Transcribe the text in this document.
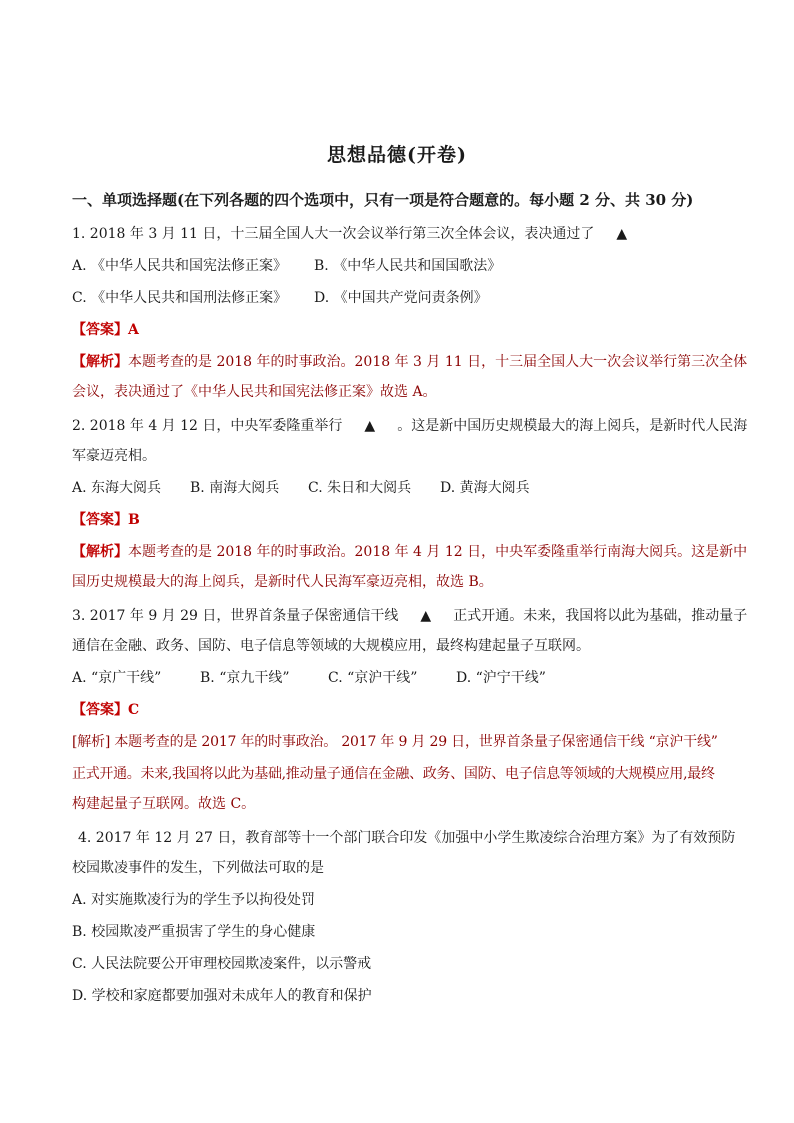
思想品德(开卷)
一、单项选择题(在下列各题的四个选项中，只有一项是符合题意的。每小题 2 分、共 30 分)
1. 2018 年 3 月 11 日，十三届全国人大一次会议举行第三次全体会议，表决通过了 ▲
A. 《中华人民共和国宪法修正案》 B. 《中华人民共和国国歌法》
C. 《中华人民共和国刑法修正案》 D. 《中国共产党问责条例》
【答案】A
【解析】本题考查的是 2018 年的时事政治。2018 年 3 月 11 日，十三届全国人大一次会议举行第三次全体
会议，表决通过了《中华人民共和国宪法修正案》故选 A。
2. 2018 年 4 月 12 日，中央军委隆重举行 ▲ 。这是新中国历史规模最大的海上阅兵，是新时代人民海
军豪迈亮相。
A. 东海大阅兵 B. 南海大阅兵 C. 朱日和大阅兵 D. 黄海大阅兵
【答案】B
【解析】本题考查的是 2018 年的时事政治。2018 年 4 月 12 日，中央军委隆重举行南海大阅兵。这是新中
国历史规模最大的海上阅兵，是新时代人民海军豪迈亮相，故选 B。
3. 2017 年 9 月 29 日，世界首条量子保密通信干线 ▲ 正式开通。未来，我国将以此为基础，推动量子
通信在金融、政务、国防、电子信息等领域的大规模应用，最终构建起量子互联网。
A. “京广干线”	B. “京九干线”	C. “京沪干线”	D. “沪宁干线”
【答案】C
[解析] 本题考查的是 2017 年的时事政治。 2017 年 9 月 29 日，世界首条量子保密通信干线 “京沪干线”
正式开通。未来,我国将以此为基础,推动量子通信在金融、政务、国防、电子信息等领域的大规模应用,最终
构建起量子互联网。故选 C。
4. 2017 年 12 月 27 日，教育部等十一个部门联合印发《加强中小学生欺凌综合治理方案》为了有效预防
校园欺凌事件的发生，下列做法可取的是
A. 对实施欺凌行为的学生予以拘役处罚
B. 校园欺凌严重损害了学生的身心健康
C. 人民法院要公开审理校园欺凌案件，以示警戒
D. 学校和家庭都要加强对未成年人的教育和保护
